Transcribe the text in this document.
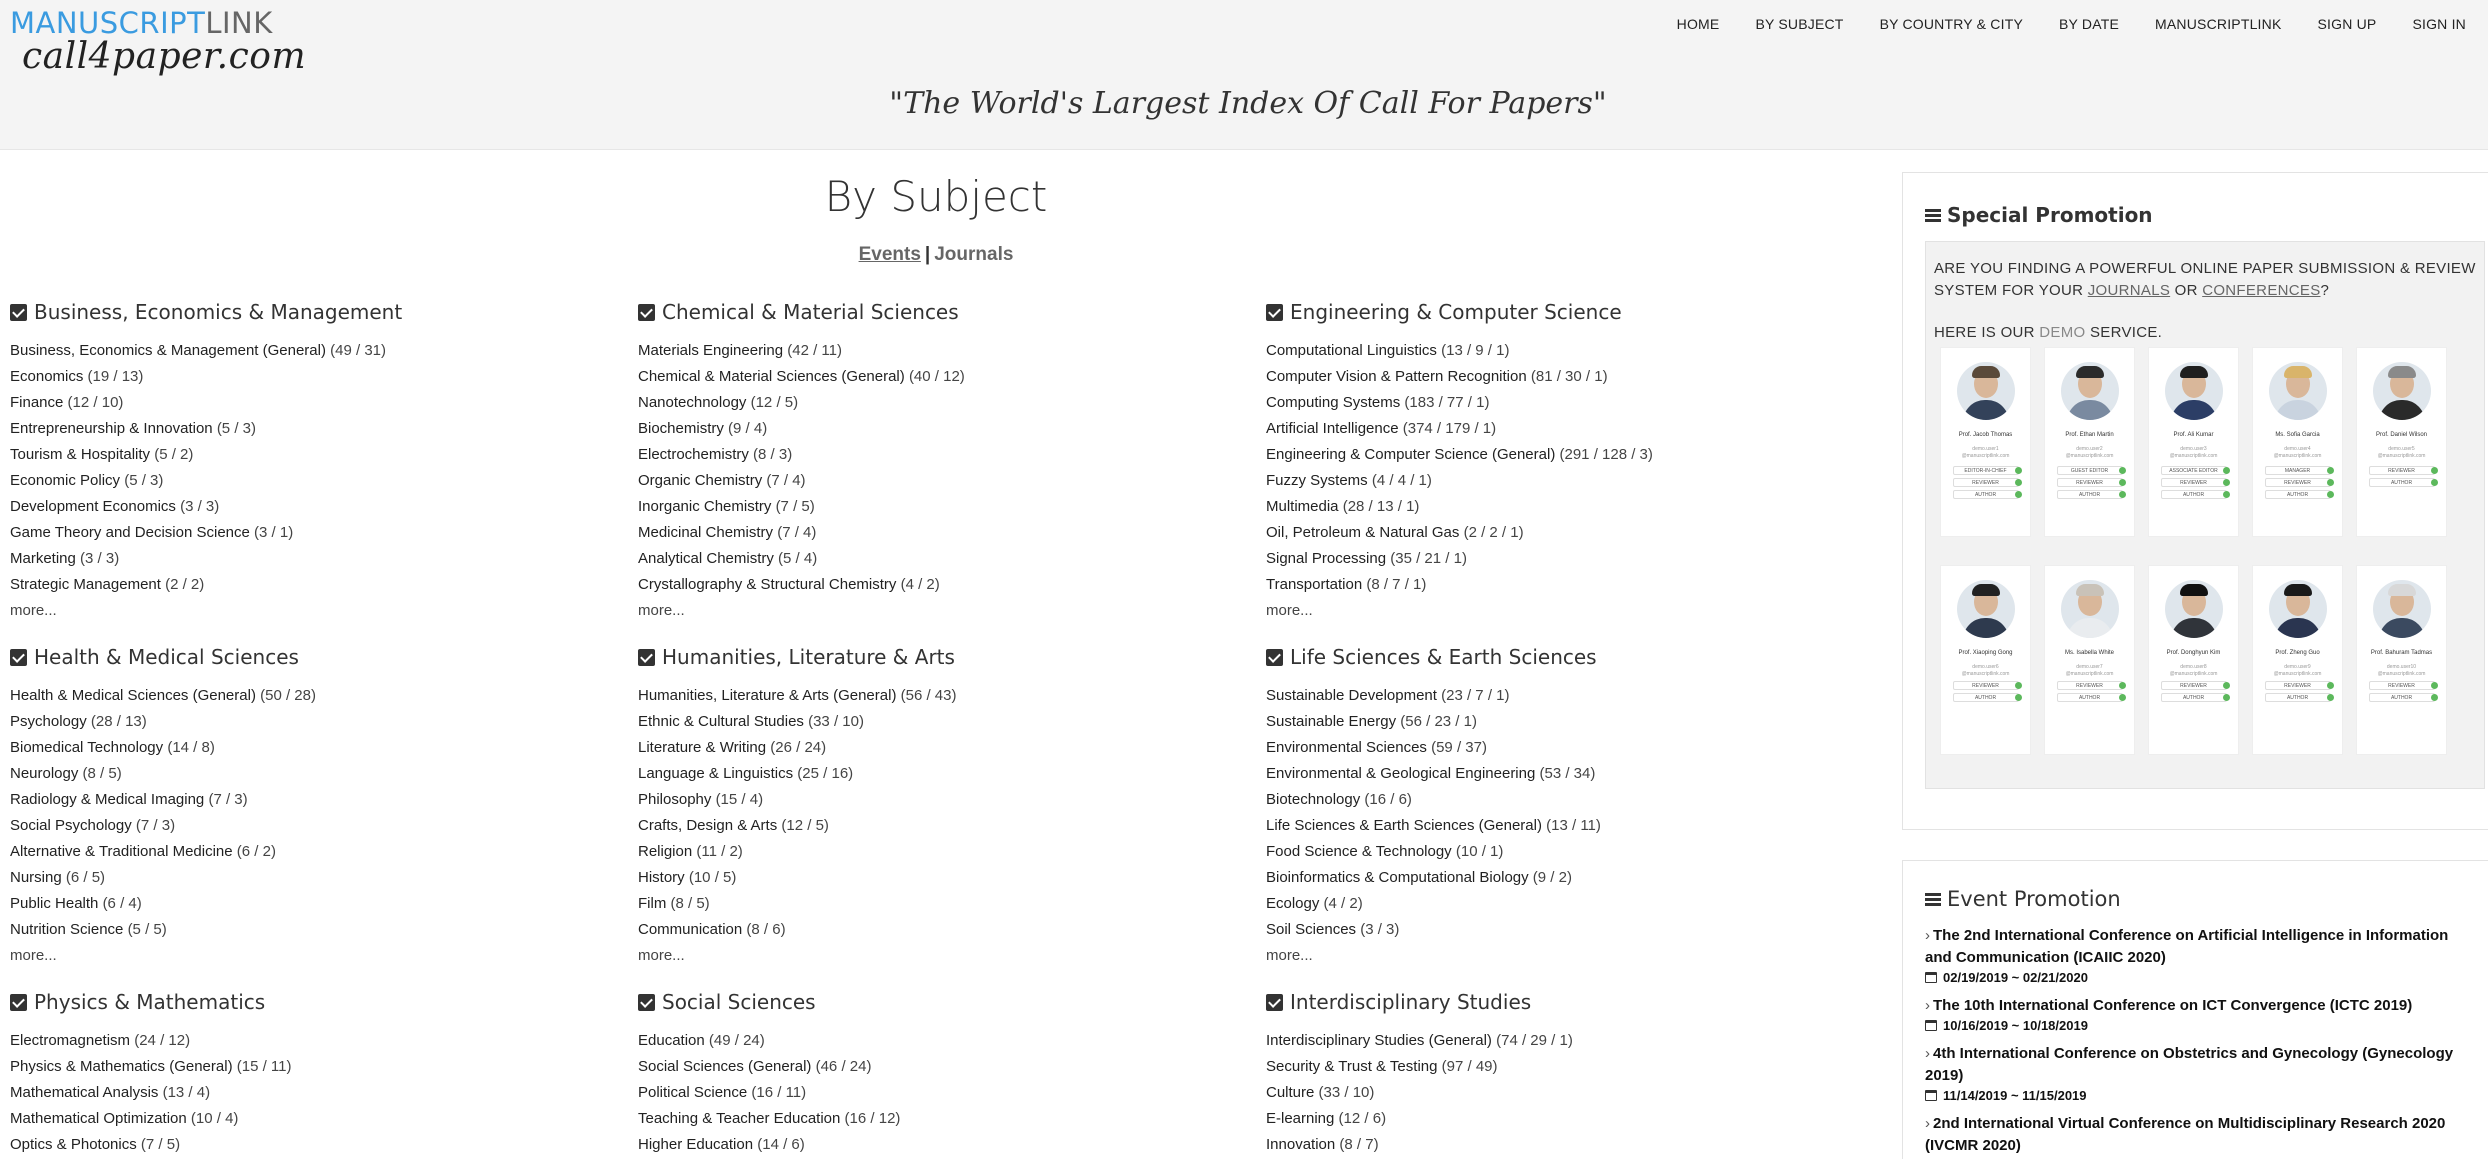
MANUSCRIPTLINK
call4paper.com
HOME	BY SUBJECT	BY COUNTRY & CITY	BY DATE	MANUSCRIPTLINK	SIGN UP	SIGN IN
"The World's Largest Index Of Call For Papers"
By Subject
Events | Journals
Business, Economics & Management
Business, Economics & Management (General) (49 / 31)
Economics (19 / 13)
Finance (12 / 10)
Entrepreneurship & Innovation (5 / 3)
Tourism & Hospitality (5 / 2)
Economic Policy (5 / 3)
Development Economics (3 / 3)
Game Theory and Decision Science (3 / 1)
Marketing (3 / 3)
Strategic Management (2 / 2)
more...
Chemical & Material Sciences
Materials Engineering (42 / 11)
Chemical & Material Sciences (General) (40 / 12)
Nanotechnology (12 / 5)
Biochemistry (9 / 4)
Electrochemistry (8 / 3)
Organic Chemistry (7 / 4)
Inorganic Chemistry (7 / 5)
Medicinal Chemistry (7 / 4)
Analytical Chemistry (5 / 4)
Crystallography & Structural Chemistry (4 / 2)
more...
Engineering & Computer Science
Computational Linguistics (13 / 9 / 1)
Computer Vision & Pattern Recognition (81 / 30 / 1)
Computing Systems (183 / 77 / 1)
Artificial Intelligence (374 / 179 / 1)
Engineering & Computer Science (General) (291 / 128 / 3)
Fuzzy Systems (4 / 4 / 1)
Multimedia (28 / 13 / 1)
Oil, Petroleum & Natural Gas (2 / 2 / 1)
Signal Processing (35 / 21 / 1)
Transportation (8 / 7 / 1)
more...
Health & Medical Sciences
Health & Medical Sciences (General) (50 / 28)
Psychology (28 / 13)
Biomedical Technology (14 / 8)
Neurology (8 / 5)
Radiology & Medical Imaging (7 / 3)
Social Psychology (7 / 3)
Alternative & Traditional Medicine (6 / 2)
Nursing (6 / 5)
Public Health (6 / 4)
Nutrition Science (5 / 5)
more...
Humanities, Literature & Arts
Humanities, Literature & Arts (General) (56 / 43)
Ethnic & Cultural Studies (33 / 10)
Literature & Writing (26 / 24)
Language & Linguistics (25 / 16)
Philosophy (15 / 4)
Crafts, Design & Arts (12 / 5)
Religion (11 / 2)
History (10 / 5)
Film (8 / 5)
Communication (8 / 6)
more...
Life Sciences & Earth Sciences
Sustainable Development (23 / 7 / 1)
Sustainable Energy (56 / 23 / 1)
Environmental Sciences (59 / 37)
Environmental & Geological Engineering (53 / 34)
Biotechnology (16 / 6)
Life Sciences & Earth Sciences (General) (13 / 11)
Food Science & Technology (10 / 1)
Bioinformatics & Computational Biology (9 / 2)
Ecology (4 / 2)
Soil Sciences (3 / 3)
more...
Physics & Mathematics
Electromagnetism (24 / 12)
Physics & Mathematics (General) (15 / 11)
Mathematical Analysis (13 / 4)
Mathematical Optimization (10 / 4)
Optics & Photonics (7 / 5)
Social Sciences
Education (49 / 24)
Social Sciences (General) (46 / 24)
Political Science (16 / 11)
Teaching & Teacher Education (16 / 12)
Higher Education (14 / 6)
Interdisciplinary Studies
Interdisciplinary Studies (General) (74 / 29 / 1)
Security & Trust & Testing (97 / 49)
Culture (33 / 10)
E-learning (12 / 6)
Innovation (8 / 7)
Special Promotion
ARE YOU FINDING A POWERFUL ONLINE PAPER SUBMISSION & REVIEW SYSTEM FOR YOUR JOURNALS OR CONFERENCES?
HERE IS OUR DEMO SERVICE.
Prof. Jacob Thomas
demo.user1
@manuscriptlink.com
EDITOR-IN-CHIEF
REVIEWER
AUTHOR
Prof. Ethan Martin
demo.user2
@manuscriptlink.com
GUEST EDITOR
REVIEWER
AUTHOR
Prof. Ali Kumar
demo.user3
@manuscriptlink.com
ASSOCIATE EDITOR
REVIEWER
AUTHOR
Ms. Sofia Garcia
demo.user4
@manuscriptlink.com
MANAGER
REVIEWER
AUTHOR
Prof. Daniel Wilson
demo.user5
@manuscriptlink.com
REVIEWER
AUTHOR
Prof. Xiaoping Gong
demo.user6
@manuscriptlink.com
REVIEWER
AUTHOR
Ms. Isabella White
demo.user7
@manuscriptlink.com
REVIEWER
AUTHOR
Prof. Donghyun Kim
demo.user8
@manuscriptlink.com
REVIEWER
AUTHOR
Prof. Zheng Guo
demo.user9
@manuscriptlink.com
REVIEWER
AUTHOR
Prof. Bahuram Tadmas
demo.user10
@manuscriptlink.com
REVIEWER
AUTHOR
Event Promotion
› The 2nd International Conference on Artificial Intelligence in Information and Communication (ICAIIC 2020)
02/19/2019 ~ 02/21/2020
› The 10th International Conference on ICT Convergence (ICTC 2019)
10/16/2019 ~ 10/18/2019
› 4th International Conference on Obstetrics and Gynecology (Gynecology 2019)
11/14/2019 ~ 11/15/2019
› 2nd International Virtual Conference on Multidisciplinary Research 2020 (IVCMR 2020)
